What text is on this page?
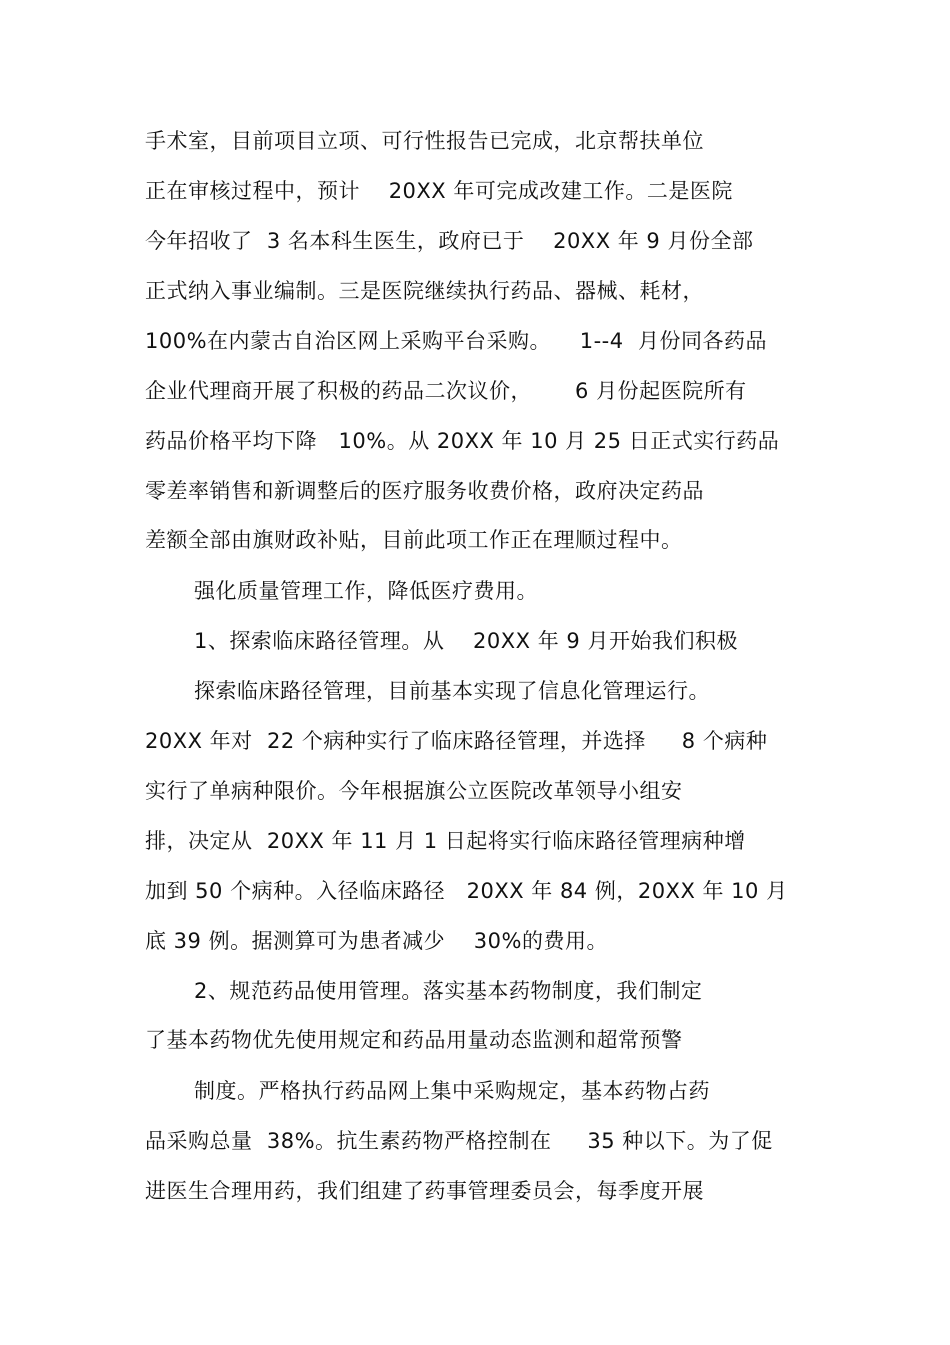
手术室，目前项目立项、可行性报告已完成，北京帮扶单位
正在审核过程中，预计    20XX 年可完成改建工作。二是医院
今年招收了  3 名本科生医生，政府已于    20XX 年 9 月份全部
正式纳入事业编制。三是医院继续执行药品、器械、耗材，
100%在内蒙古自治区网上采购平台采购。    1--4  月份同各药品
企业代理商开展了积极的药品二次议价，      6 月份起医院所有
药品价格平均下降   10%。从 20XX 年 10 月 25 日正式实行药品
零差率销售和新调整后的医疗服务收费价格，政府决定药品
差额全部由旗财政补贴，目前此项工作正在理顺过程中。
强化质量管理工作，降低医疗费用。
1、探索临床路径管理。从    20XX 年 9 月开始我们积极
探索临床路径管理，目前基本实现了信息化管理运行。
20XX 年对  22 个病种实行了临床路径管理，并选择     8 个病种
实行了单病种限价。今年根据旗公立医院改革领导小组安
排，决定从  20XX 年 11 月 1 日起将实行临床路径管理病种增
加到 50 个病种。入径临床路径   20XX 年 84 例，20XX 年 10 月
底 39 例。据测算可为患者减少    30%的费用。
2、规范药品使用管理。落实基本药物制度，我们制定
了基本药物优先使用规定和药品用量动态监测和超常预警
制度。严格执行药品网上集中采购规定，基本药物占药
品采购总量  38%。抗生素药物严格控制在     35 种以下。为了促
进医生合理用药，我们组建了药事管理委员会，每季度开展
